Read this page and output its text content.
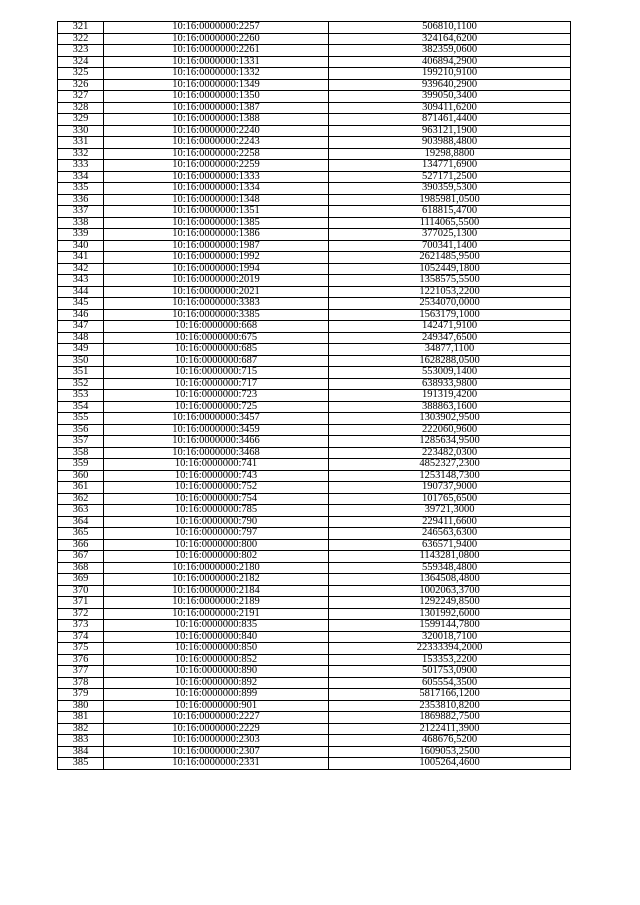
321	10:16:0000000:2257	506810,1100
322	10:16:0000000:2260	324164,6200
323	10:16:0000000:2261	382359,0600
324	10:16:0000000:1331	406894,2900
325	10:16:0000000:1332	199210,9100
326	10:16:0000000:1349	939640,2900
327	10:16:0000000:1350	399050,3400
328	10:16:0000000:1387	309411,6200
329	10:16:0000000:1388	871461,4400
330	10:16:0000000:2240	963121,1900
331	10:16:0000000:2243	903988,4800
332	10:16:0000000:2258	19298,8800
333	10:16:0000000:2259	134771,6900
334	10:16:0000000:1333	527171,2500
335	10:16:0000000:1334	390359,5300
336	10:16:0000000:1348	1985981,0500
337	10:16:0000000:1351	618815,4700
338	10:16:0000000:1385	1114065,5500
339	10:16:0000000:1386	377025,1300
340	10:16:0000000:1987	700341,1400
341	10:16:0000000:1992	2621485,9500
342	10:16:0000000:1994	1052449,1800
343	10:16:0000000:2019	1358575,5500
344	10:16:0000000:2021	1221053,2200
345	10:16:0000000:3383	2534070,0000
346	10:16:0000000:3385	1563179,1000
347	10:16:0000000:668	142471,9100
348	10:16:0000000:675	249347,6500
349	10:16:0000000:685	34877,1100
350	10:16:0000000:687	1628288,0500
351	10:16:0000000:715	553009,1400
352	10:16:0000000:717	638933,9800
353	10:16:0000000:723	191319,4200
354	10:16:0000000:725	388863,1600
355	10:16:0000000:3457	1303902,9500
356	10:16:0000000:3459	222060,9600
357	10:16:0000000:3466	1285634,9500
358	10:16:0000000:3468	223482,0300
359	10:16:0000000:741	4852327,2300
360	10:16:0000000:743	1253148,7300
361	10:16:0000000:752	190737,9000
362	10:16:0000000:754	101765,6500
363	10:16:0000000:785	39721,3000
364	10:16:0000000:790	229411,6600
365	10:16:0000000:797	246563,6300
366	10:16:0000000:800	636571,9400
367	10:16:0000000:802	1143281,0800
368	10:16:0000000:2180	559348,4800
369	10:16:0000000:2182	1364508,4800
370	10:16:0000000:2184	1002063,3700
371	10:16:0000000:2189	1292249,8500
372	10:16:0000000:2191	1301992,6000
373	10:16:0000000:835	1599144,7800
374	10:16:0000000:840	320018,7100
375	10:16:0000000:850	22333394,2000
376	10:16:0000000:852	153353,2200
377	10:16:0000000:890	501753,0900
378	10:16:0000000:892	605554,3500
379	10:16:0000000:899	5817166,1200
380	10:16:0000000:901	2353810,8200
381	10:16:0000000:2227	1869882,7500
382	10:16:0000000:2229	2122411,3900
383	10:16:0000000:2303	468676,5200
384	10:16:0000000:2307	1609053,2500
385	10:16:0000000:2331	1005264,4600
